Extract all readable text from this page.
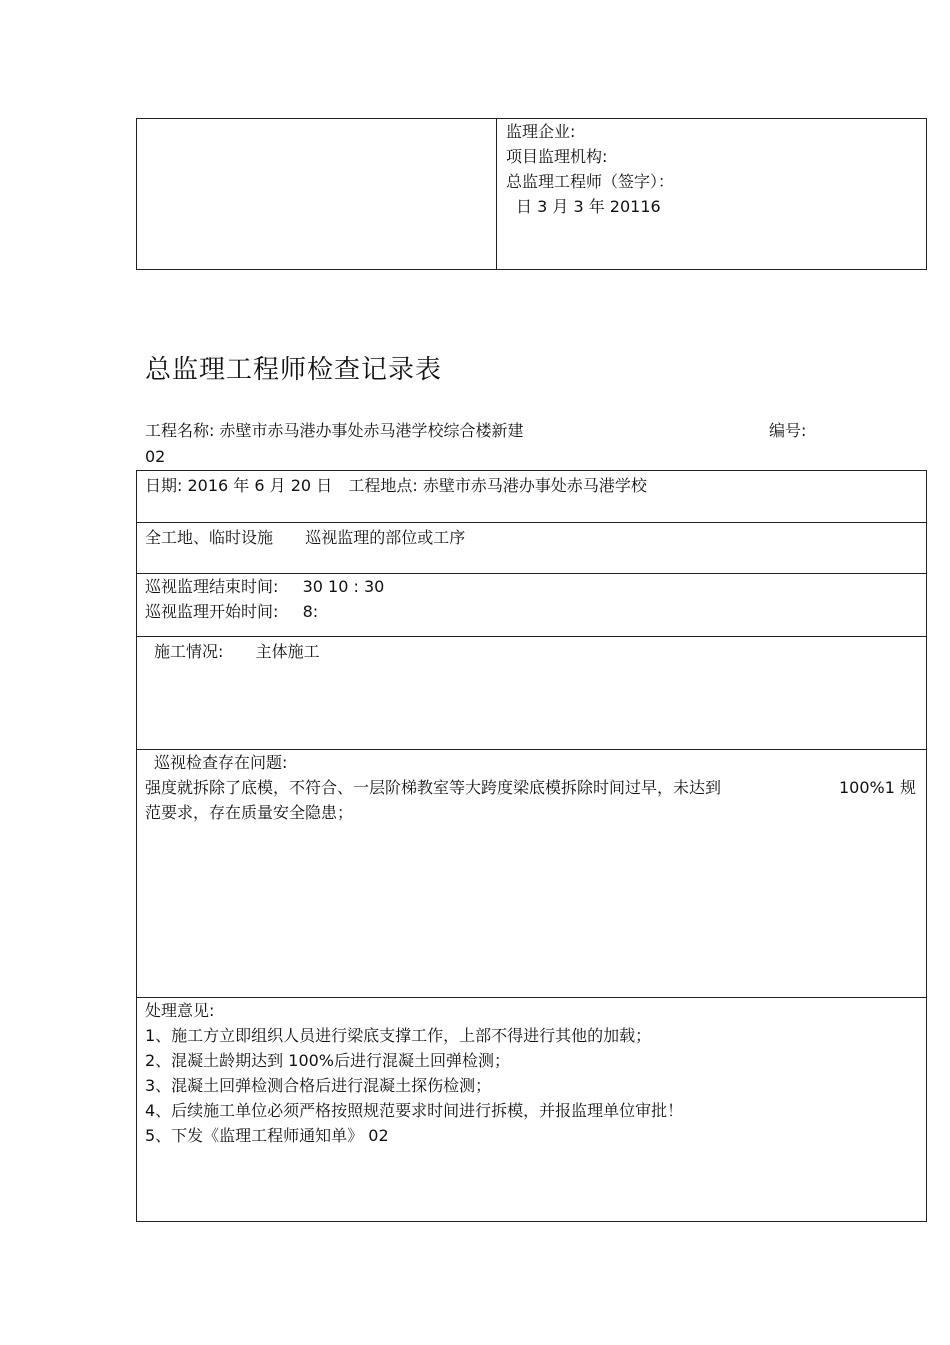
监理企业:
项目监理机构:
总监理工程师（签字）：
日 3 月 3 年 20116
总监理工程师检查记录表
工程名称: 赤壁市赤马港办事处赤马港学校综合楼新建	编号:
02
日期: 2016 年 6 月 20 日 工程地点: 赤壁市赤马港办事处赤马港学校
全工地、临时设施 巡视监理的部位或工序
巡视监理结束时间: 30 10 : 30
巡视监理开始时间: 8:
施工情况: 主体施工
巡视检查存在问题:
强度就拆除了底模，不符合、一层阶梯教室等大跨度梁底模拆除时间过早，未达到	100%1 规
范要求，存在质量安全隐患；
处理意见:
1、施工方立即组织人员进行梁底支撑工作，上部不得进行其他的加载；
2、混凝土龄期达到 100%后进行混凝土回弹检测；
3、混凝土回弹检测合格后进行混凝土探伤检测；
4、后续施工单位必须严格按照规范要求时间进行拆模，并报监理单位审批！
5、下发《监理工程师通知单》 02
